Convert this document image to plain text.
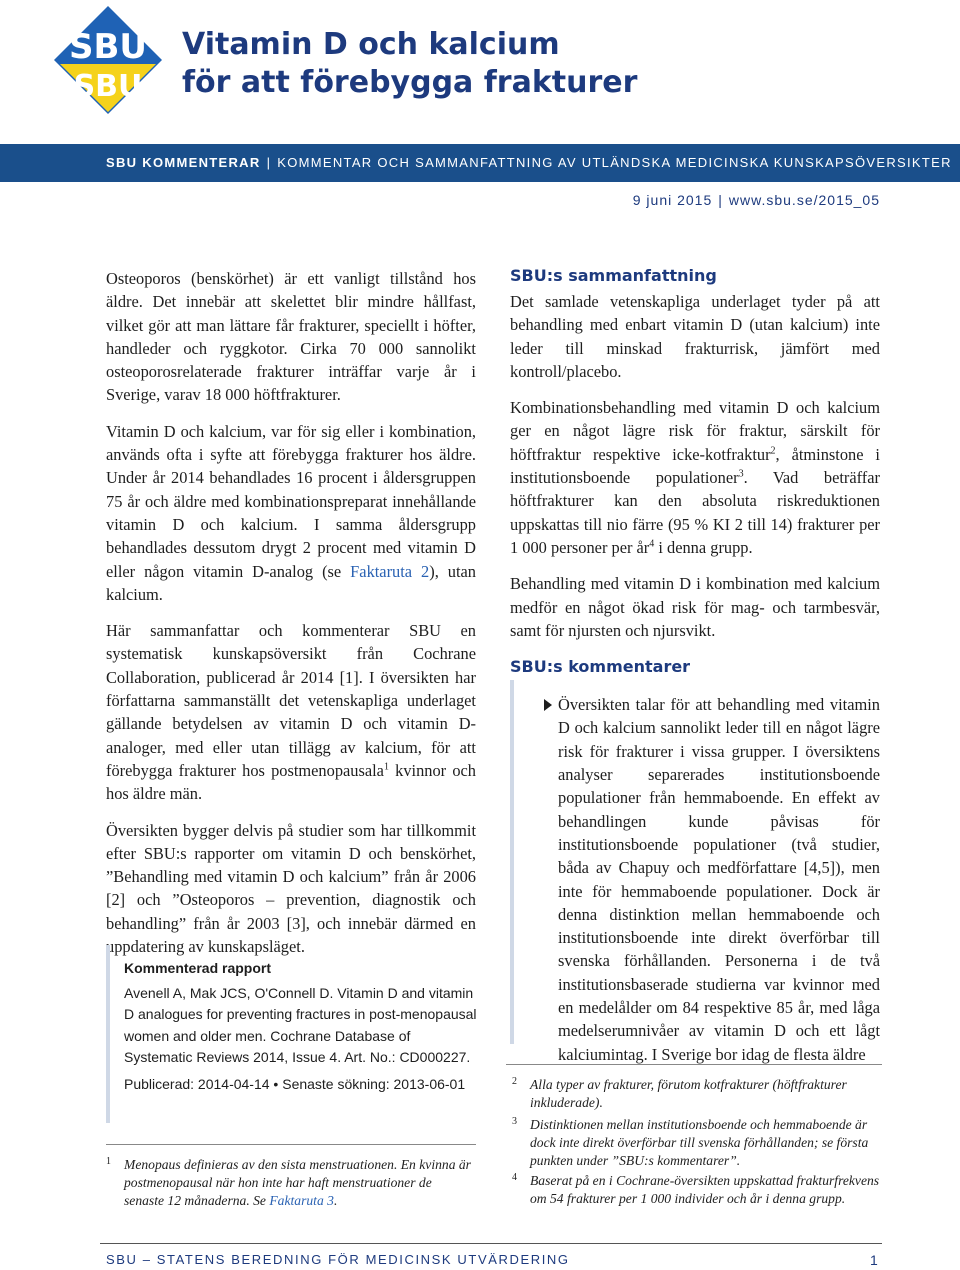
SBU
SBU
Vitamin D och kalcium
för att förebygga frakturer
SBU KOMMENTERAR | KOMMENTAR OCH SAMMANFATTNING AV UTLÄNDSKA MEDICINSKA KUNSKAPSÖVERSIKTER
9 juni 2015 | www.sbu.se/2015_05

Osteoporos (benskörhet) är ett vanligt tillstånd hos äldre. Det innebär att skelettet blir mindre hållfast, vilket gör att man lättare får frakturer, speciellt i höfter, handleder och ryggkotor. Cirka 70 000 sannolikt osteoporosrelaterade frakturer inträffar varje år i Sverige, varav 18 000 höftfrakturer.

Vitamin D och kalcium, var för sig eller i kombination, används ofta i syfte att förebygga frakturer hos äldre. Under år 2014 behandlades 16 procent i åldersgruppen 75 år och äldre med kombinationspreparat innehållande vitamin D och kalcium. I samma åldersgrupp behandlades dessutom drygt 2 procent med vitamin D eller någon vitamin D-analog (se Faktaruta 2), utan kalcium.

Här sammanfattar och kommenterar SBU en systematisk kunskapsöversikt från Cochrane Collaboration, publicerad år 2014 [1]. I översikten har författarna sammanställt det vetenskapliga underlaget gällande betydelsen av vitamin D och vitamin D-analoger, med eller utan tillägg av kalcium, för att förebygga frakturer hos postmenopausala$^1$ kvinnor och hos äldre män.

Översikten bygger delvis på studier som har tillkommit efter SBU:s rapporter om vitamin D och benskörhet, ”Behandling med vitamin D och kalcium” från år 2006 [2] och ”Osteoporos – prevention, diagnostik och behandling” från år 2003 [3], och innebär därmed en uppdatering av kunskapsläget.

Kommenterad rapport
Avenell A, Mak JCS, O'Connell D. Vitamin D and vitamin D analogues for preventing fractures in post-menopausal women and older men. Cochrane Database of Systematic Reviews 2014, Issue 4. Art. No.: CD000227.
Publicerad: 2014-04-14 • Senaste sökning: 2013-06-01
1 Menopaus definieras av den sista menstruationen. En kvinna är postmenopausal när hon inte har haft menstruationer de senaste 12 månaderna. Se Faktaruta 3.
SBU:s sammanfattning

Det samlade vetenskapliga underlaget tyder på att behandling med enbart vitamin D (utan kalcium) inte leder till minskad frakturrisk, jämfört med kontroll/placebo.

Kombinationsbehandling med vitamin D och kalcium ger en något lägre risk för fraktur, särskilt för höftfraktur respektive icke-kotfraktur$^2$, åtminstone i institutionsboende populationer$^3$. Vad beträffar höftfrakturer kan den absoluta riskreduktionen uppskattas till nio färre (95 % KI 2 till 14) frakturer per 1 000 personer per $år^4$ i denna grupp.

Behandling med vitamin D i kombination med kalcium medför en något ökad risk för mag- och tarmbesvär, samt för njursten och njursvikt.

SBU:s kommentarer

Översikten talar för att behandling med vitamin D och kalcium sannolikt leder till en något lägre risk för frakturer i vissa grupper. I översiktens analyser separerades institutionsboende populationer från hemmaboende. En effekt av behandlingen kunde påvisas för institutionsboende populationer (två studier, båda av Chapuy och medförfattare [4,5]), men inte för hemmaboende populationer. Dock är denna distinktion mellan hemmaboende och institutionsboende inte direkt överförbar till svenska förhållanden. Personerna i de två institutionsbaserade studierna var kvinnor med en medelålder om 84 respektive 85 år, med låga medelserumnivåer av vitamin D och ett lågt kalciumintag. I Sverige bor idag de flesta äldre

2 Alla typer av frakturer, förutom kotfrakturer (höftfrakturer inkluderade).
3 Distinktionen mellan institutionsboende och hemmaboende är dock inte direkt överförbar till svenska förhållanden; se första punkten under ”SBU:s kommentarer”.
4 Baserat på en i Cochrane-översikten uppskattad frakturfrekvens om 54 frakturer per 1 000 individer och år i denna grupp.
SBU – STATENS BEREDNING FÖR MEDICINSK UTVÄRDERING	1
